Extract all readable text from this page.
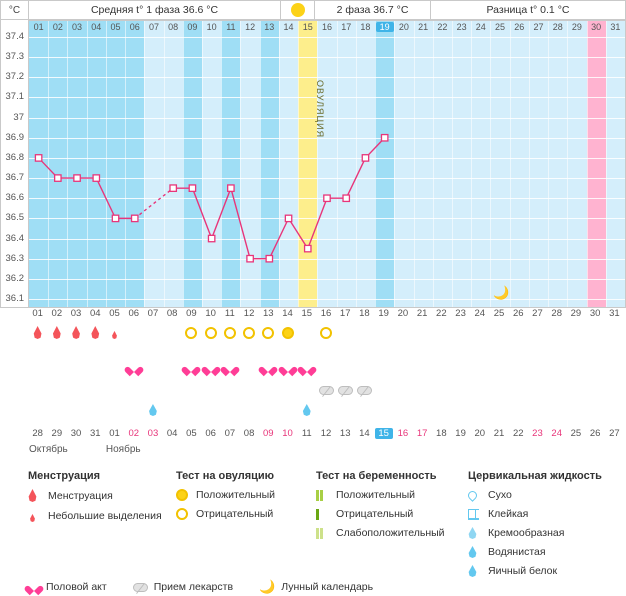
°C	Средняя t° 1 фаза 36.6 °C	2 фаза 36.7 °C	Разница t° 0.1 °C
37.4
37.3
37.2
37.1
37
36.9
36.8
36.7
36.6
36.5
36.4
36.3
36.2
36.1
01	02	03	04	05	06	07	08	09	10	11	12	13	14	15	16	17	18	19	20	21	22	23	24	25	26	27	28	29	30	31
ОВУЛЯЦИЯ
🌙
01 02 03 04 05 06 07 08 09 10 11 12 13 14 15 16 17 18 19 20 21 22 23 24 25 26 27 28 29 30 31
28 29 30 31 01 02 03 04 05 06 07 08 09 10 11 12 13 14 15 16 17 18 19 20 21 22 23 24 25 26 27
Октябрь	Ноябрь
Менструация
Менструация
Небольшие выделения
Тест на овуляцию
Положительный
Отрицательный
Тест на беременность
Положительный
Отрицательный
Слабоположительный
Цервикальная жидкость
Сухо
Клейкая
Кремообразная
Водянистая
Яичный белок
Половой акт	Прием лекарств 🌙 Лунный календарь
